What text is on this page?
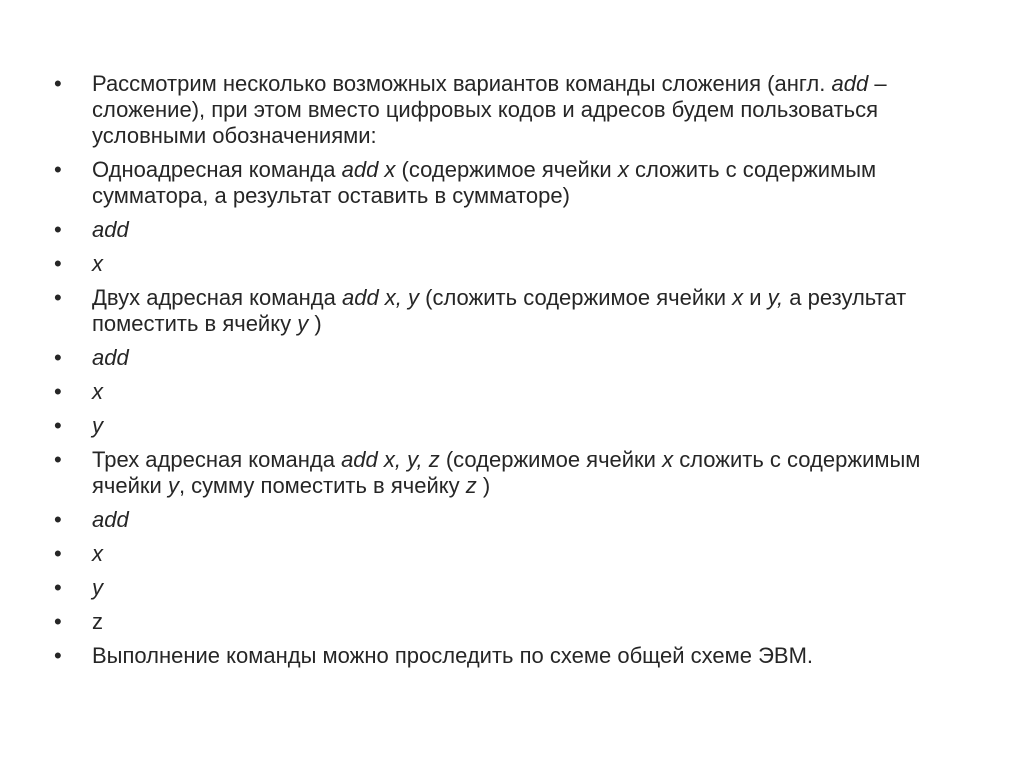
• Рассмотрим несколько возможных вариантов команды сложения (англ. add – сложение), при этом вместо цифровых кодов и адресов будем пользоваться условными обозначениями:
• Одноадресная команда add x (содержимое ячейки x сложить с содержимым сумматора, а результат оставить в сумматоре)
• add
• x
• Двух адресная команда add x, y (сложить содержимое ячейки x и y, а результат поместить в ячейку y )
• add
• x
• y
• Трех адресная команда add x, y, z (содержимое ячейки x сложить с содержимым ячейки y, сумму поместить в ячейку z )
• add
• x
• y
• z
• Выполнение команды можно проследить по схеме общей схеме ЭВМ.
